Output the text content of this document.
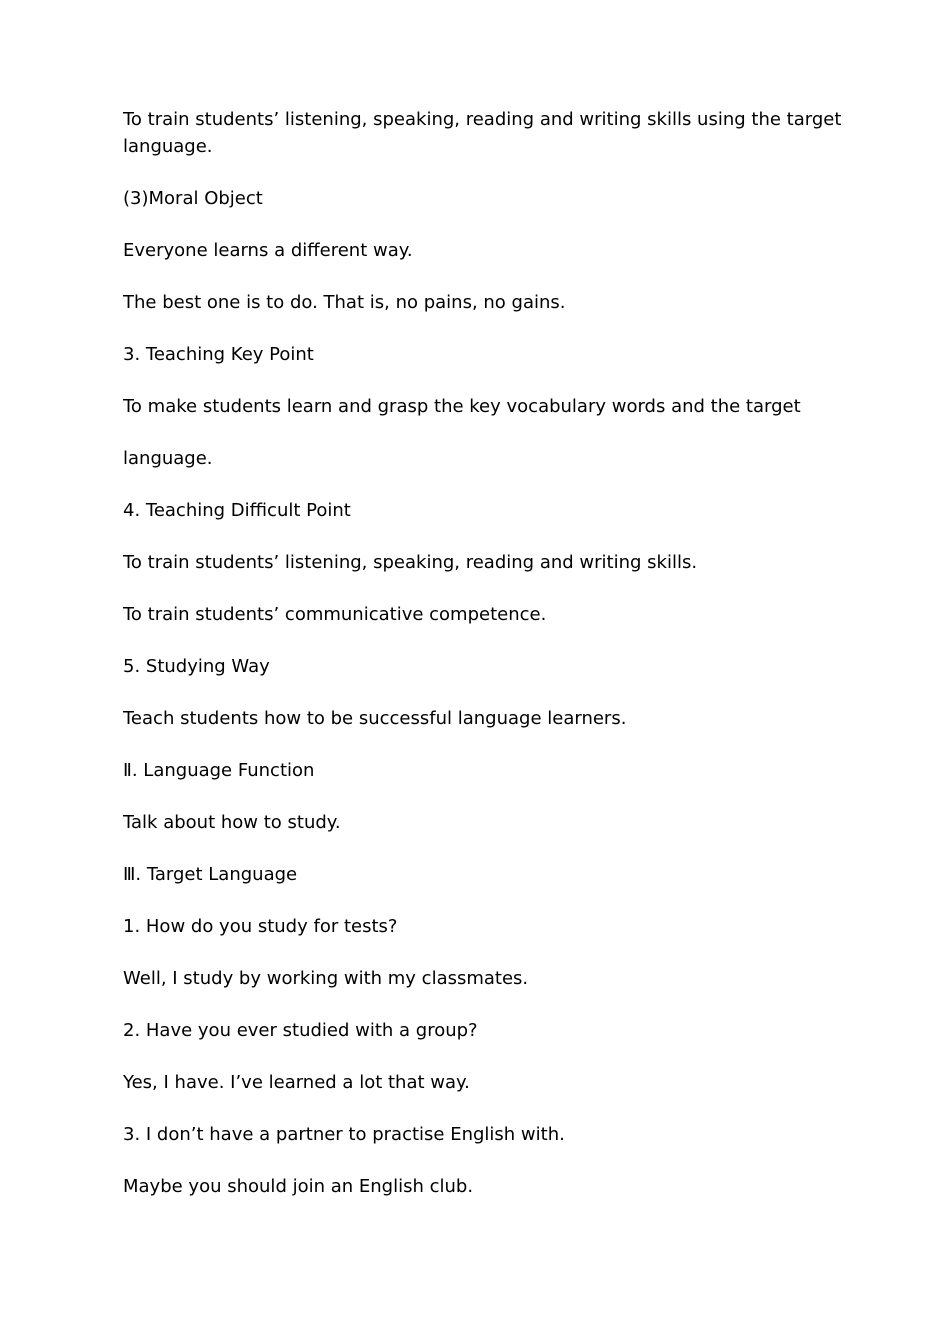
To train students’ listening, speaking, reading and writing skills using the target language.

(3)Moral Object

Everyone learns a different way.

The best one is to do. That is, no pains, no gains.

3. Teaching Key Point

To make students learn and grasp the key vocabulary words and the target

language.

4. Teaching Difficult Point

To train students’ listening, speaking, reading and writing skills.

To train students’ communicative competence.

5. Studying Way

Teach students how to be successful language learners.

Ⅱ. Language Function

Talk about how to study.

Ⅲ. Target Language

1. How do you study for tests?

Well, I study by working with my classmates.

2. Have you ever studied with a group?

Yes, I have. I’ve learned a lot that way.

3. I don’t have a partner to practise English with.

Maybe you should join an English club.
